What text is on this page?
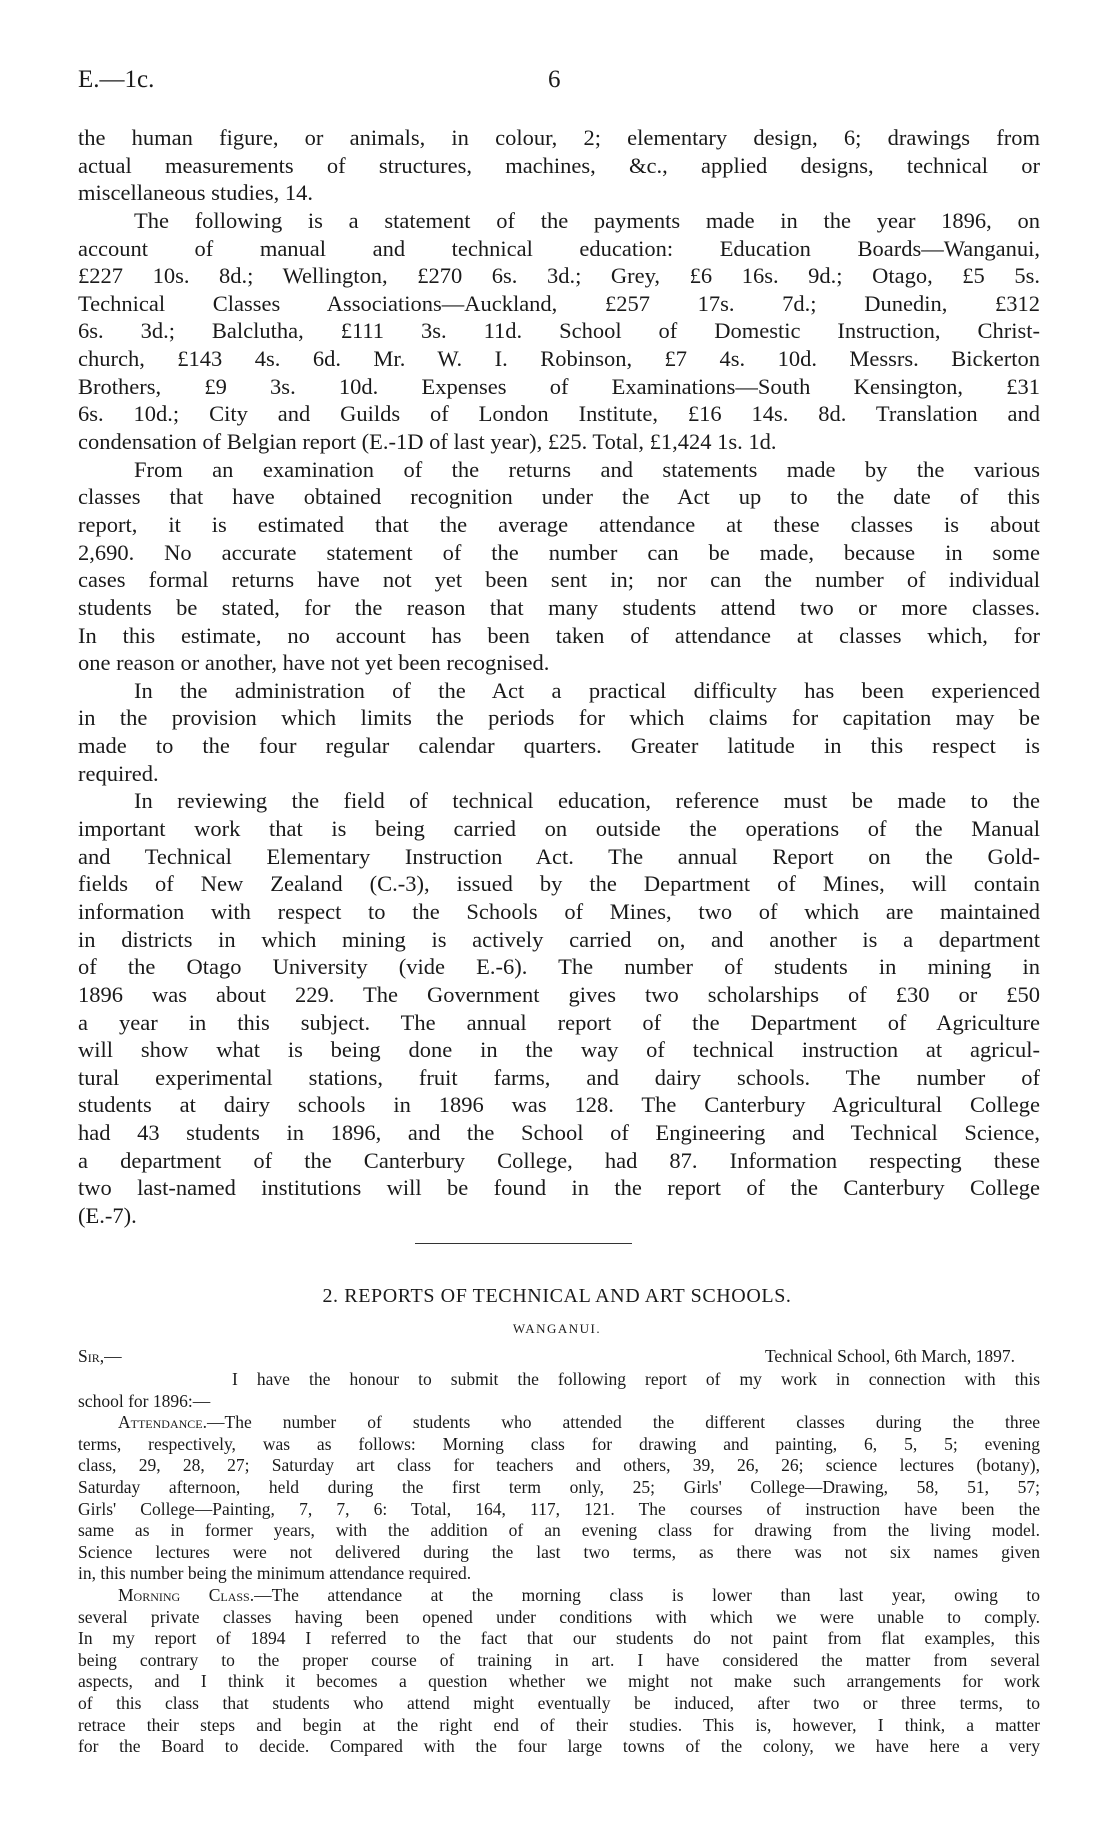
E.—1c.	6
the human figure, or animals, in colour, 2; elementary design, 6; drawings from
actual measurements of structures, machines, &c., applied designs, technical or
miscellaneous studies, 14.
The following is a statement of the payments made in the year 1896, on
account of manual and technical education: Education Boards—Wanganui,
£227 10s. 8d.; Wellington, £270 6s. 3d.; Grey, £6 16s. 9d.; Otago, £5 5s.
Technical Classes Associations—Auckland, £257 17s. 7d.; Dunedin, £312
6s. 3d.; Balclutha, £111 3s. 11d. School of Domestic Instruction, Christ-
church, £143 4s. 6d. Mr. W. I. Robinson, £7 4s. 10d. Messrs. Bickerton
Brothers, £9 3s. 10d. Expenses of Examinations—South Kensington, £31
6s. 10d.; City and Guilds of London Institute, £16 14s. 8d. Translation and
condensation of Belgian report (E.-1D of last year), £25. Total, £1,424 1s. 1d.
From an examination of the returns and statements made by the various
classes that have obtained recognition under the Act up to the date of this
report, it is estimated that the average attendance at these classes is about
2,690. No accurate statement of the number can be made, because in some
cases formal returns have not yet been sent in; nor can the number of individual
students be stated, for the reason that many students attend two or more classes.
In this estimate, no account has been taken of attendance at classes which, for
one reason or another, have not yet been recognised.
In the administration of the Act a practical difficulty has been experienced
in the provision which limits the periods for which claims for capitation may be
made to the four regular calendar quarters. Greater latitude in this respect is
required.
In reviewing the field of technical education, reference must be made to the
important work that is being carried on outside the operations of the Manual
and Technical Elementary Instruction Act. The annual Report on the Gold-
fields of New Zealand (C.-3), issued by the Department of Mines, will contain
information with respect to the Schools of Mines, two of which are maintained
in districts in which mining is actively carried on, and another is a department
of the Otago University (vide E.-6). The number of students in mining in
1896 was about 229. The Government gives two scholarships of £30 or £50
a year in this subject. The annual report of the Department of Agriculture
will show what is being done in the way of technical instruction at agricul-
tural experimental stations, fruit farms, and dairy schools. The number of
students at dairy schools in 1896 was 128. The Canterbury Agricultural College
had 43 students in 1896, and the School of Engineering and Technical Science,
a department of the Canterbury College, had 87. Information respecting these
two last-named institutions will be found in the report of the Canterbury College
(E.-7).
2. REPORTS OF TECHNICAL AND ART SCHOOLS.
WANGANUI.
Sir,—	Technical School, 6th March, 1897.
I have the honour to submit the following report of my work in connection with this
school for 1896:—
Attendance.—The number of students who attended the different classes during the three
terms, respectively, was as follows: Morning class for drawing and painting, 6, 5, 5; evening
class, 29, 28, 27; Saturday art class for teachers and others, 39, 26, 26; science lectures (botany),
Saturday afternoon, held during the first term only, 25; Girls' College—Drawing, 58, 51, 57;
Girls' College—Painting, 7, 7, 6: Total, 164, 117, 121. The courses of instruction have been the
same as in former years, with the addition of an evening class for drawing from the living model.
Science lectures were not delivered during the last two terms, as there was not six names given
in, this number being the minimum attendance required.
Morning Class.—The attendance at the morning class is lower than last year, owing to
several private classes having been opened under conditions with which we were unable to comply.
In my report of 1894 I referred to the fact that our students do not paint from flat examples, this
being contrary to the proper course of training in art. I have considered the matter from several
aspects, and I think it becomes a question whether we might not make such arrangements for work
of this class that students who attend might eventually be induced, after two or three terms, to
retrace their steps and begin at the right end of their studies. This is, however, I think, a matter
for the Board to decide. Compared with the four large towns of the colony, we have here a very
